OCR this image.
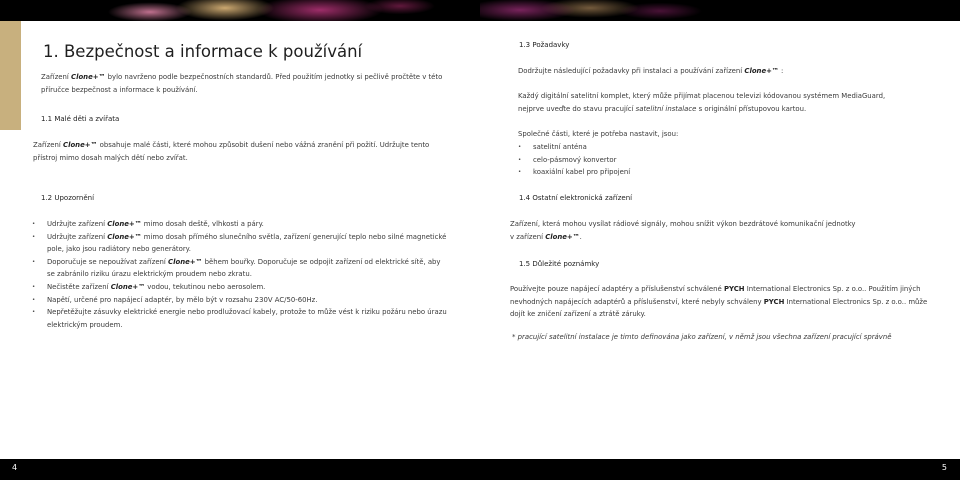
4	5
1. Bezpečnost a informace k používání
Zařízení Clone+™ bylo navrženo podle bezpečnostních standardů. Před použitím jednotky si pečlivě pročtěte v této
příručce bezpečnost a informace k používání.
1.1 Malé děti a zvířata
Zařízení Clone+™ obsahuje malé části, které mohou způsobit dušení nebo vážná zranění při požití. Udržujte tento
přístroj mimo dosah malých dětí nebo zvířat.
1.2 Upozornění
• Udržujte zařízení Clone+™ mimo dosah deště, vlhkosti a páry.
• Udržujte zařízení Clone+™ mimo dosah přímého slunečního světla, zařízení generující teplo nebo silné magnetické
pole, jako jsou radiátory nebo generátory.
• Doporučuje se nepoužívat zařízení Clone+™ během bouřky. Doporučuje se odpojit zařízení od elektrické sítě, aby
se zabránilo riziku úrazu elektrickým proudem nebo zkratu.
• Nečistěte zařízení Clone+™ vodou, tekutinou nebo aerosolem.
• Napětí, určené pro napájecí adaptér, by mělo být v rozsahu 230V AC/50-60Hz.
• Nepřetěžujte zásuvky elektrické energie nebo prodlužovací kabely, protože to může vést k riziku požáru nebo úrazu
elektrickým proudem.
1.3 Požadavky
Dodržujte následující požadavky při instalaci a používání zařízení Clone+™ :
Každý digitální satelitní komplet, který může přijímat placenou televizi kódovanou systémem MediaGuard,
nejprve uveďte do stavu pracující satelitní instalace s originální přístupovou kartou.
Společné části, které je potřeba nastavit, jsou:
• satelitní anténa
• celo-pásmový konvertor
• koaxiální kabel pro připojení
1.4 Ostatní elektronická zařízení
Zařízení, která mohou vysílat rádiové signály, mohou snížit výkon bezdrátové komunikační jednotky
v zařízení Clone+™.
1.5 Důležité poznámky
Používejte pouze napájecí adaptéry a příslušenství schválené PYCH International Electronics Sp. z o.o.. Použitím jiných
nevhodných napájecích adaptérů a příslušenství, které nebyly schváleny PYCH International Electronics Sp. z o.o.. může
dojít ke zničení zařízení a ztrátě záruky.
* pracující satelitní instalace je timto definována jako zařízení, v němž jsou všechna zařízení pracující správně
